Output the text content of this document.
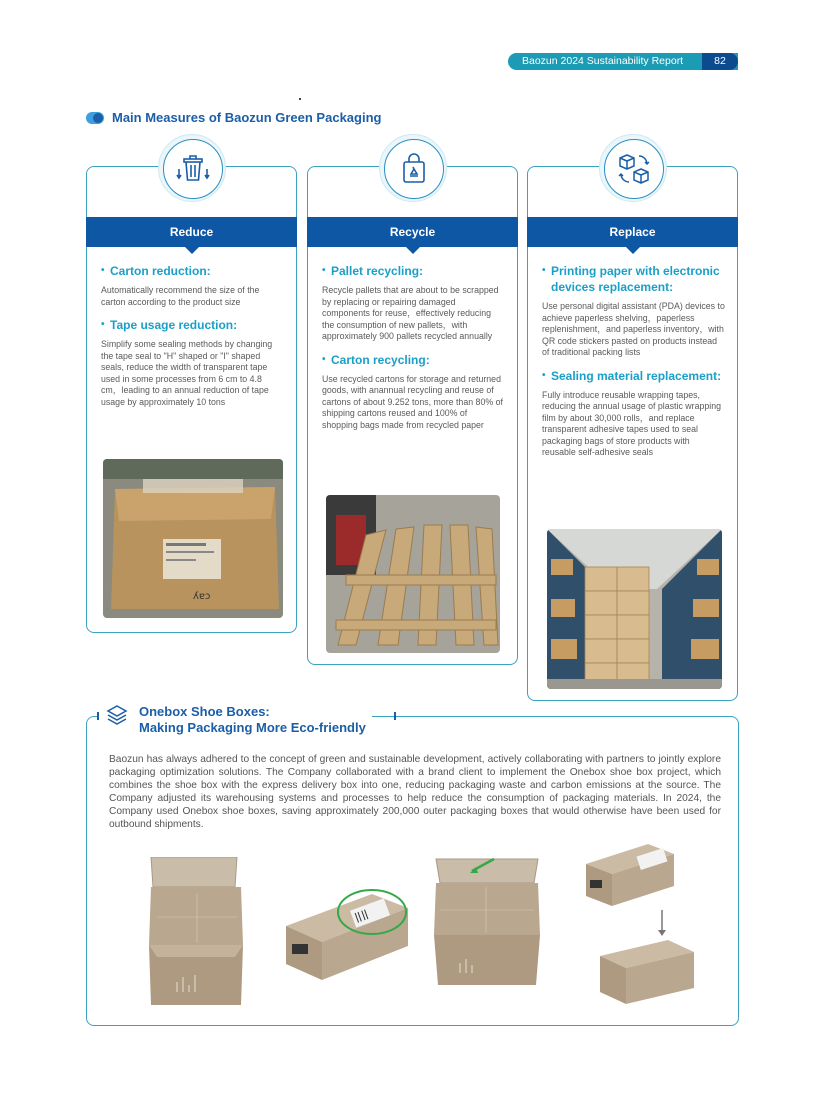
Baozun 2024 Sustainability Report	82
Main Measures of Baozun Green Packaging
Reduce
• Carton reduction:
Automatically recommend the size of the carton according to the product size
• Tape usage reduction:
Simplify some sealing methods by changing the tape seal to "H" shaped or "I" shaped seals, reduce the width of transparent tape used in some processes from 6 cm to 4.8 cm，leading to an annual reduction of tape usage by approximately 10 tons
ʎɐɔ
Recycle
• Pallet recycling:
Recycle pallets that are about to be scrapped by replacing or repairing damaged components for reuse，effectively reducing the consumption of new pallets，with approximately 900 pallets recycled annually
• Carton recycling:
Use recycled cartons for storage and returned goods, with anannual recycling and reuse of cartons of about 9.252 tons, more than 80% of shipping cartons reused and 100% of shopping bags made from recycled paper
Replace
• Printing paper with electronic devices replacement:
Use personal digital assistant (PDA) devices to achieve paperless shelving，paperless replenishment，and paperless inventory，with QR code stickers pasted on products instead of traditional packing lists
• Sealing material replacement:
Fully introduce reusable wrapping tapes, reducing the annual usage of plastic wrapping film by about 30,000 rolls，and replace transparent adhesive tapes used to seal packaging bags of store products with reusable self-adhesive seals
Onebox Shoe Boxes:
Making Packaging More Eco-friendly
Baozun has always adhered to the concept of green and sustainable development, actively collaborating with partners to jointly explore packaging optimization solutions. The Company collaborated with a brand client to implement the Onebox shoe box project, which combines the shoe box with the express delivery box into one, reducing packaging waste and carbon emissions at the source. The Company adjusted its warehousing systems and processes to help reduce the consumption of packaging materials. In 2024, the Company used Onebox shoe boxes, saving approximately 200,000 outer packaging boxes that would otherwise have been used for outbound shipments.
